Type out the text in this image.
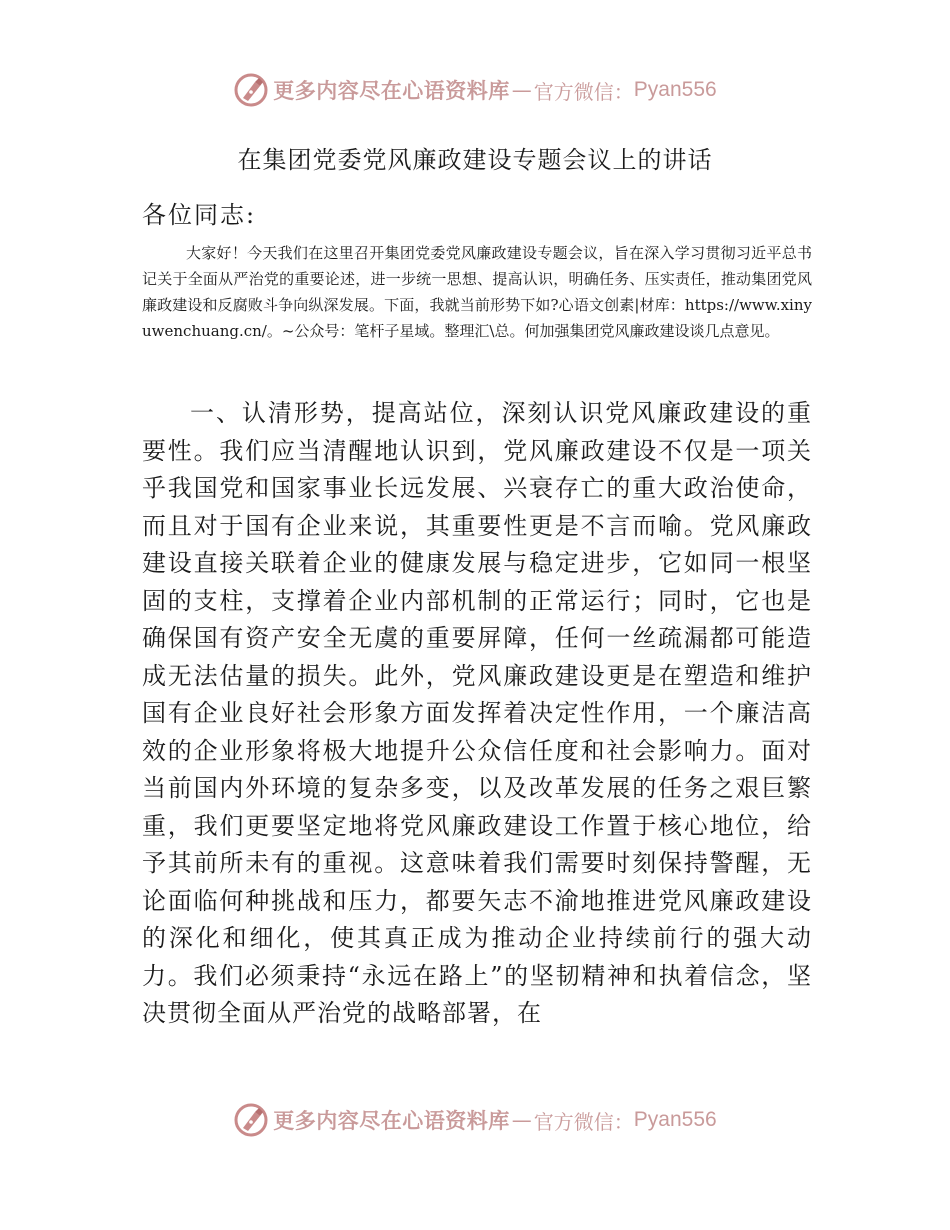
更多内容尽在心语资料库 — 官方微信： Pyan556
在集团党委党风廉政建设专题会议上的讲话

各位同志:

大家好！今天我们在这里召开集团党委党风廉政建设专题会议，旨在深入学习贯彻习近平总书记关于全面从严治党的重要论述，进一步统一思想、提高认识，明确任务、压实责任，推动集团党风廉政建设和反腐败斗争向纵深发展。下面，我就当前形势下如?心语文创素|材库：https://www.xinyuwenchuang.cn/。~公众号：笔杆子星域。整理汇\总。何加强集团党风廉政建设谈几点意见。

一、认清形势，提高站位，深刻认识党风廉政建设的重要性。我们应当清醒地认识到，党风廉政建设不仅是一项关乎我国党和国家事业长远发展、兴衰存亡的重大政治使命，而且对于国有企业来说，其重要性更是不言而喻。党风廉政建设直接关联着企业的健康发展与稳定进步，它如同一根坚固的支柱，支撑着企业内部机制的正常运行；同时，它也是确保国有资产安全无虞的重要屏障，任何一丝疏漏都可能造成无法估量的损失。此外，党风廉政建设更是在塑造和维护国有企业良好社会形象方面发挥着决定性作用，一个廉洁高效的企业形象将极大地提升公众信任度和社会影响力。面对当前国内外环境的复杂多变，以及改革发展的任务之艰巨繁重，我们更要坚定地将党风廉政建设工作置于核心地位，给予其前所未有的重视。这意味着我们需要时刻保持警醒，无论面临何种挑战和压力，都要矢志不渝地推进党风廉政建设的深化和细化，使其真正成为推动企业持续前行的强大动力。我们必须秉持“永远在路上”的坚韧精神和执着信念，坚决贯彻全面从严治党的战略部署，在

更多内容尽在心语资料库 — 官方微信： Pyan556
